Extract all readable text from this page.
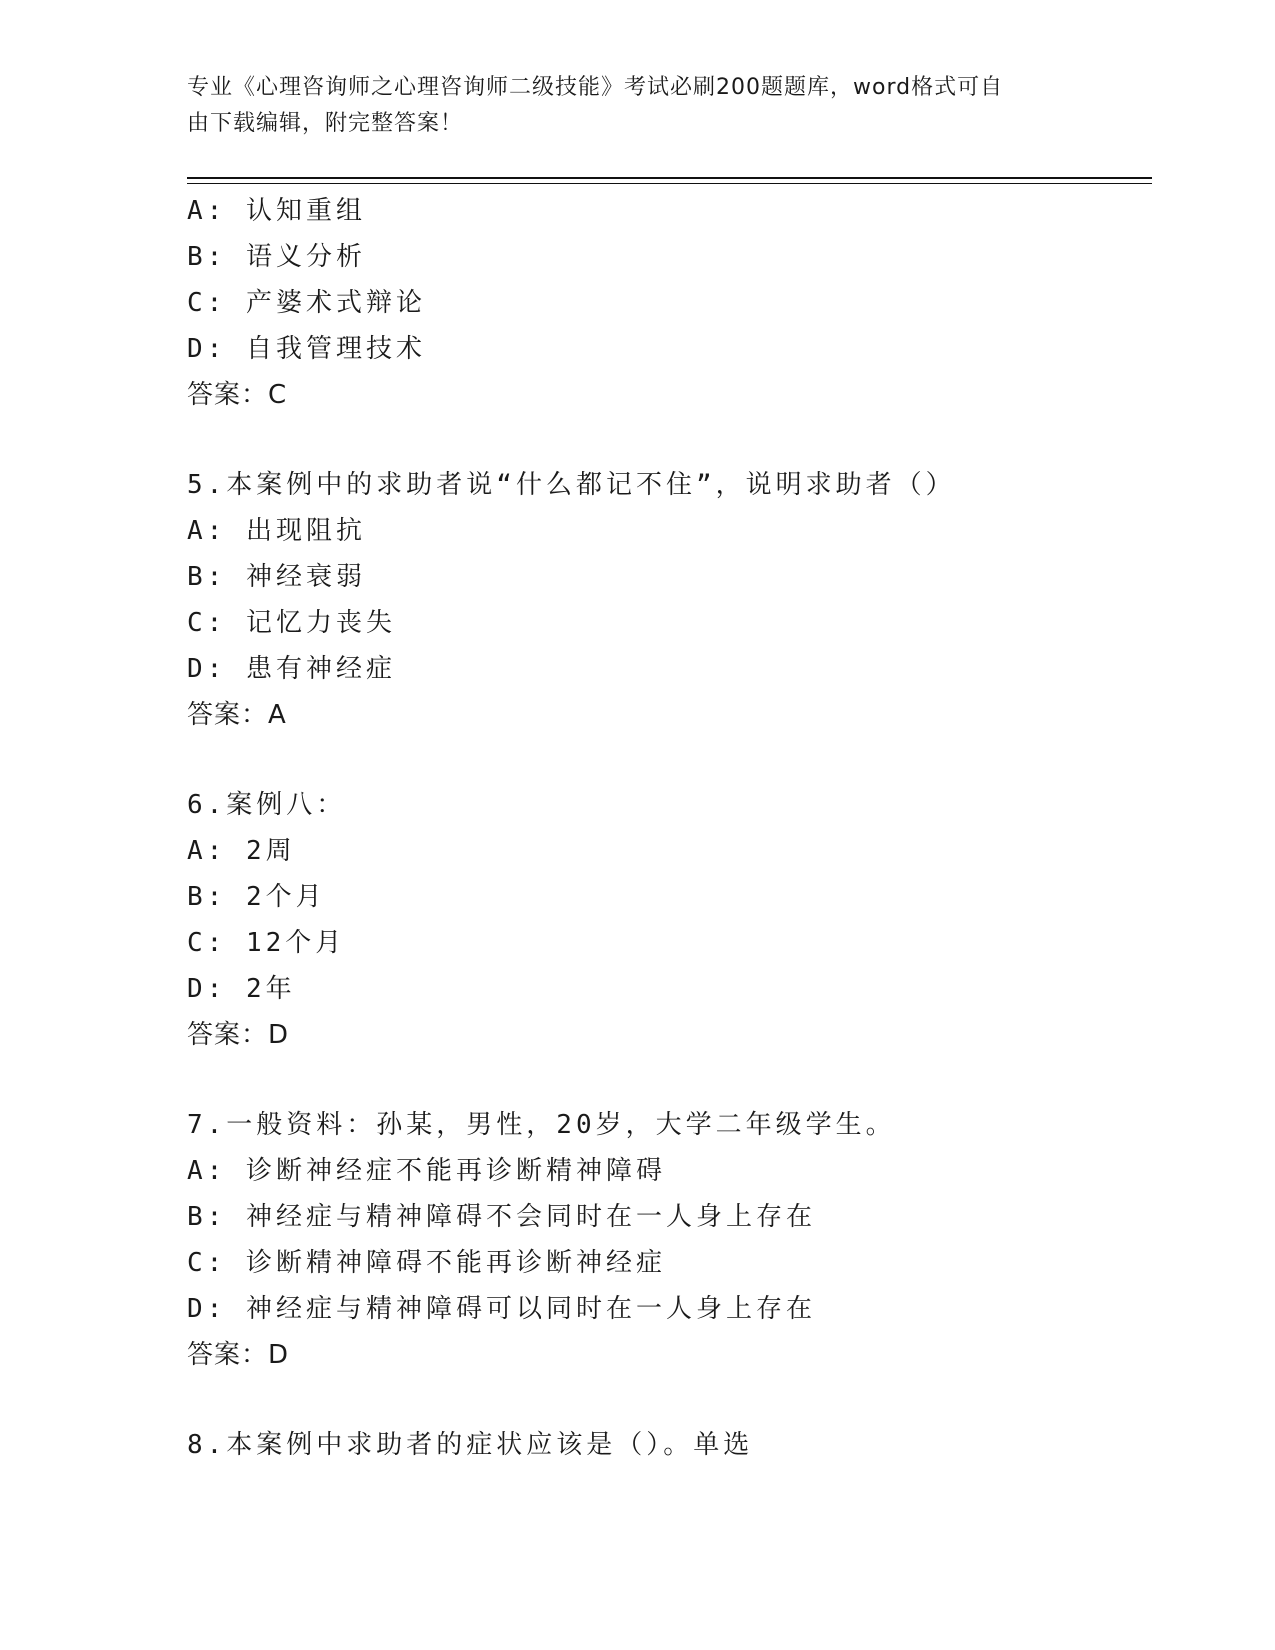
专业《心理咨询师之心理咨询师二级技能》考试必刷200题题库，word格式可自
由下载编辑，附完整答案！
A: 认知重组
B: 语义分析
C: 产婆术式辩论
D: 自我管理技术
答案：C
5.本案例中的求助者说“什么都记不住”，说明求助者（）
A: 出现阻抗
B: 神经衰弱
C: 记忆力丧失
D: 患有神经症
答案：A
6.案例八：
A: 2周
B: 2个月
C: 12个月
D: 2年
答案：D
7.一般资料：孙某，男性，20岁，大学二年级学生。
A: 诊断神经症不能再诊断精神障碍
B: 神经症与精神障碍不会同时在一人身上存在
C: 诊断精神障碍不能再诊断神经症
D: 神经症与精神障碍可以同时在一人身上存在
答案：D
8.本案例中求助者的症状应该是（）。单选
